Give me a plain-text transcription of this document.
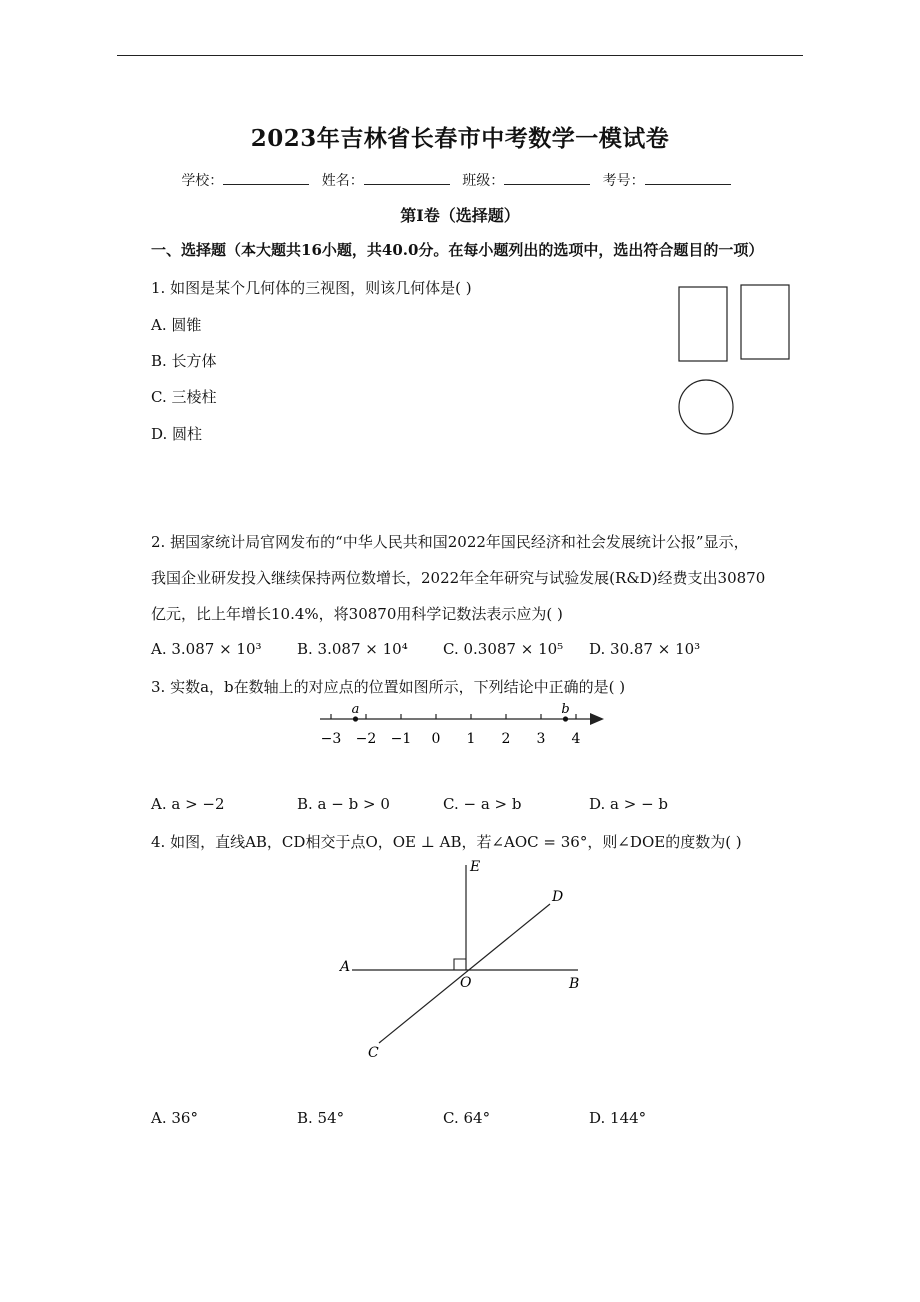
2023年吉林省长春市中考数学一模试卷
学校：	姓名：	班级：	考号：
第I卷（选择题）
一、选择题（本大题共16小题，共40.0分。在每小题列出的选项中，选出符合题目的一项）
1. 如图是某个几何体的三视图，则该几何体是( )
A. 圆锥
B. 长方体
C. 三棱柱
D. 圆柱
2. 据国家统计局官网发布的“中华人民共和国2022年国民经济和社会发展统计公报”显示，
我国企业研发投入继续保持两位数增长，2022年全年研究与试验发展(R&D)经费支出30870
亿元，比上年增长10.4%，将30870用科学记数法表示应为( )
A. 3.087 × 10³ B. 3.087 × 10⁴ C. 0.3087 × 10⁵ D. 30.87 × 10³
3. 实数a，b在数轴上的对应点的位置如图所示，下列结论中正确的是( )
−3 −2 −1 0 1 2 3 4
a	b
A. a > −2	B. a − b > 0	C. − a > b	D. a > − b
4. 如图，直线AB，CD相交于点O，OE ⊥ AB，若∠AOC = 36°，则∠DOE的度数为( )
A
B
C
D
E
O
A. 36°	B. 54°	C. 64°	D. 144°
